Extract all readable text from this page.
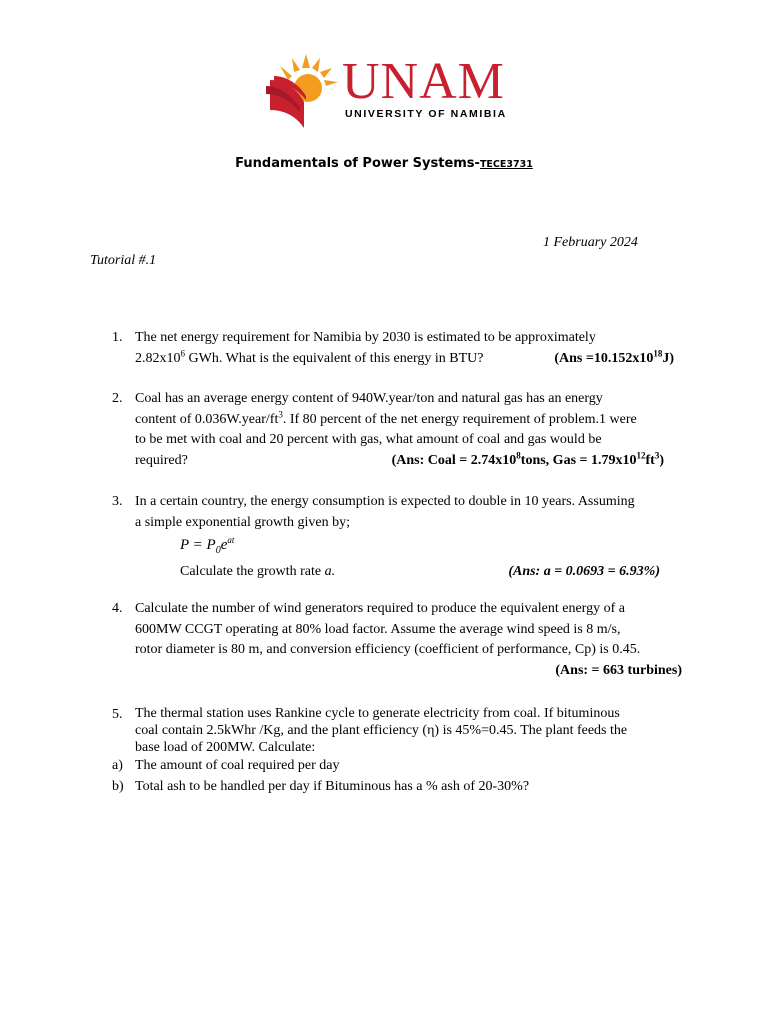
UNAM
UNIVERSITY OF NAMIBIA
Fundamentals of Power Systems-TECE3731
1 February 2024
Tutorial #.1
1. The net energy requirement for Namibia by 2030 is estimated to be approximately
$2.82x10^6$ GWh. What is the equivalent of this energy in BTU?	$(Ans =10.152x10^{18}J)$
2. Coal has an average energy content of 940W.year/ton and natural gas has an energy
content of $0.036W.year/ft^3$. If 80 percent of the net energy requirement of problem.1 were
to be met with coal and 20 percent with gas, what amount of coal and gas would be
required?	(Ans: Coal = $2.74x10^8tons$, Gas = $1.79x10^{12}ft^3$)
3. In a certain country, the energy consumption is expected to double in 10 years. Assuming
a simple exponential growth given by;
$P = P_0e^{at}$
Calculate the growth rate a.	(Ans: a = 0.0693 = 6.93%)
4. Calculate the number of wind generators required to produce the equivalent energy of a
600MW CCGT operating at 80% load factor. Assume the average wind speed is 8 m/s,
rotor diameter is 80 m, and conversion efficiency (coefficient of performance, Cp) is 0.45.
(Ans: = 663 turbines)
5. The thermal station uses Rankine cycle to generate electricity from coal. If bituminous
coal contain 2.5kWhr /Kg, and the plant efficiency (η) is 45%=0.45. The plant feeds the
base load of 200MW. Calculate:
a) The amount of coal required per day
b) Total ash to be handled per day if Bituminous has a % ash of 20-30%?
